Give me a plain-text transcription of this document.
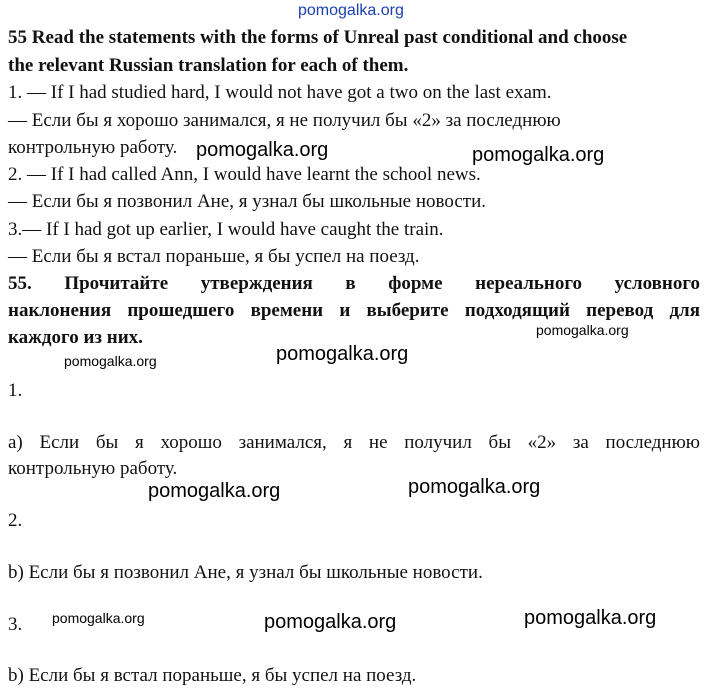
pomogalka.org
55 Read the statements with the forms of Unreal past conditional and choose
the relevant Russian translation for each of them.
1. — If I had studied hard, I would not have got a two on the last exam.
— Если бы я хорошо занимался, я не получил бы «2» за последнюю
контрольную работу.
2. — If I had called Ann, I would have learnt the school news.
— Если бы я позвонил Ане, я узнал бы школьные новости.
3.— If I had got up earlier, I would have caught the train.
— Если бы я встал пораньше, я бы успел на поезд.
55. Прочитайте утверждения в форме нереального условного
наклонения прошедшего времени и выберите подходящий перевод для
каждого из них.
1.
а) Если бы я хорошо занимался, я не получил бы «2» за последнюю
контрольную работу.
2.
b) Если бы я позвонил Ане, я узнал бы школьные новости.
3.
b) Если бы я встал пораньше, я бы успел на поезд.
pomogalka.org	pomogalka.org
pomogalka.org
pomogalka.org	pomogalka.org
pomogalka.org	pomogalka.org
pomogalka.org	pomogalka.org	pomogalka.org
